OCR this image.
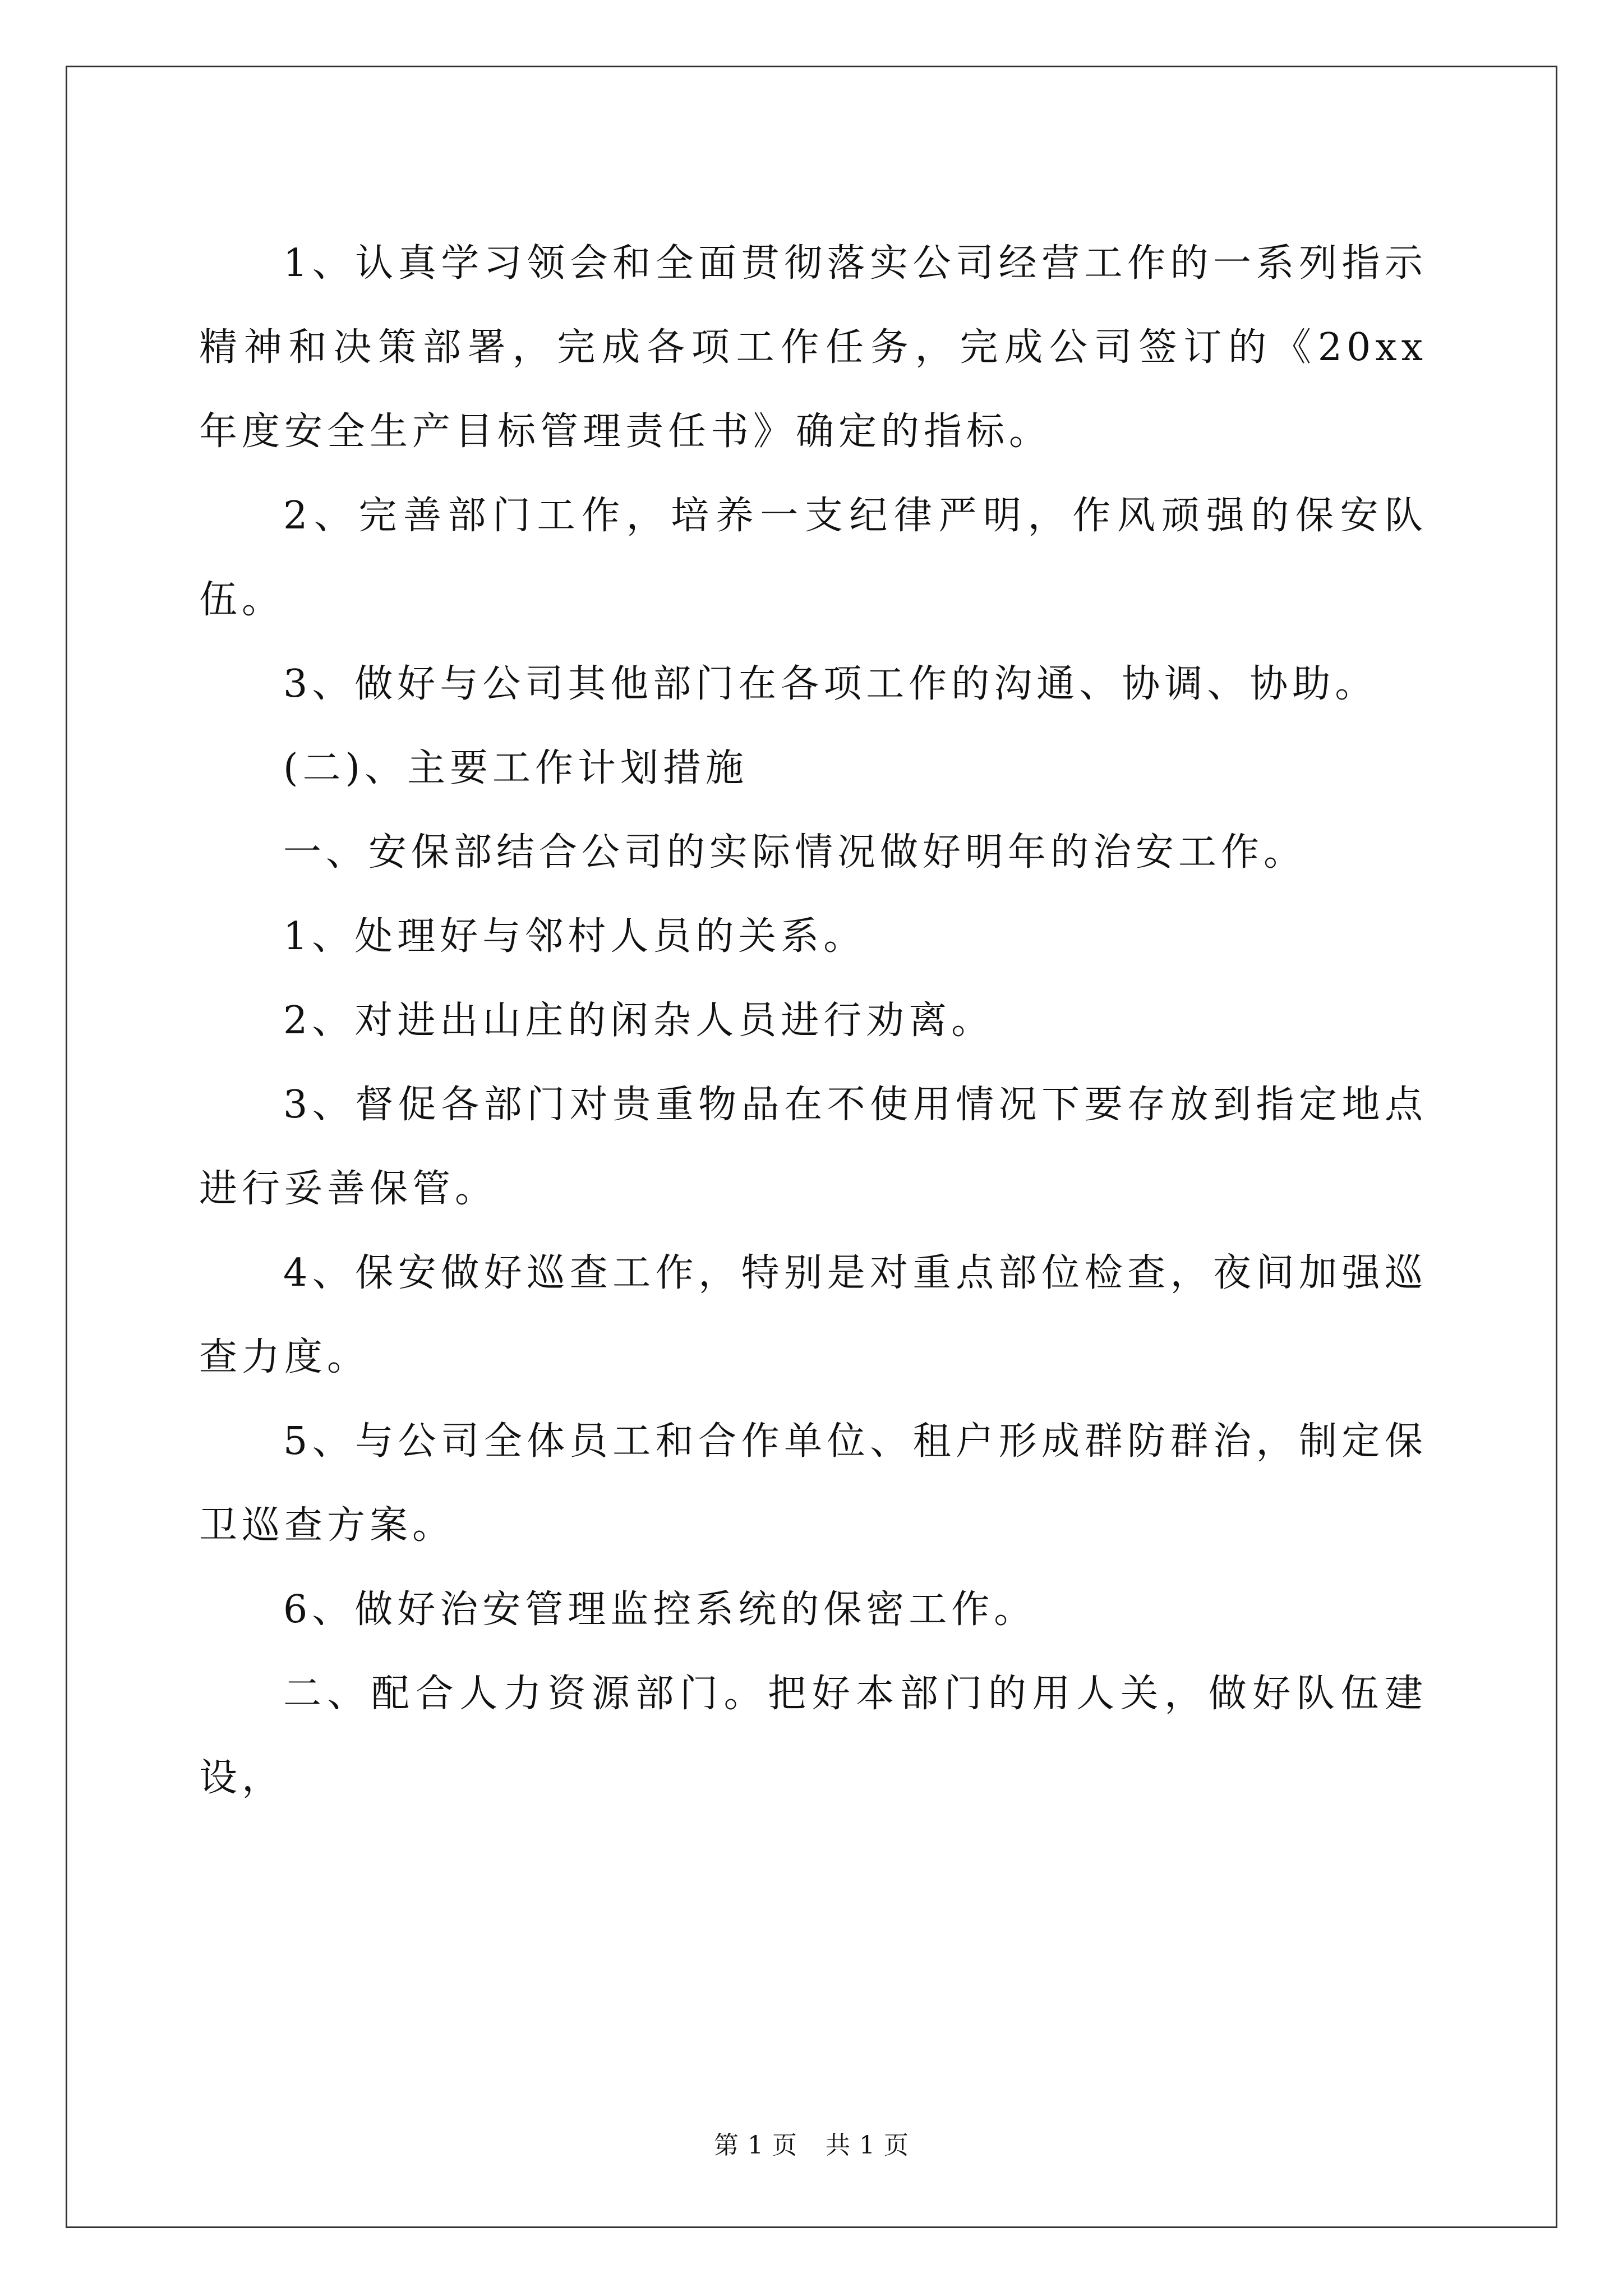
1、认真学习领会和全面贯彻落实公司经营工作的一系列指示精神和决策部署，完成各项工作任务，完成公司签订的《20xx 年度安全生产目标管理责任书》确定的指标。

2、完善部门工作，培养一支纪律严明，作风顽强的保安队伍。

3、做好与公司其他部门在各项工作的沟通、协调、协助。

(二)、主要工作计划措施

一、安保部结合公司的实际情况做好明年的治安工作。

1、处理好与邻村人员的关系。

2、对进出山庄的闲杂人员进行劝离。

3、督促各部门对贵重物品在不使用情况下要存放到指定地点进行妥善保管。

4、保安做好巡查工作，特别是对重点部位检查，夜间加强巡查力度。

5、与公司全体员工和合作单位、租户形成群防群治，制定保卫巡查方案。

6、做好治安管理监控系统的保密工作。

二、配合人力资源部门。把好本部门的用人关，做好队伍建设，

第 1 页 共 1 页
